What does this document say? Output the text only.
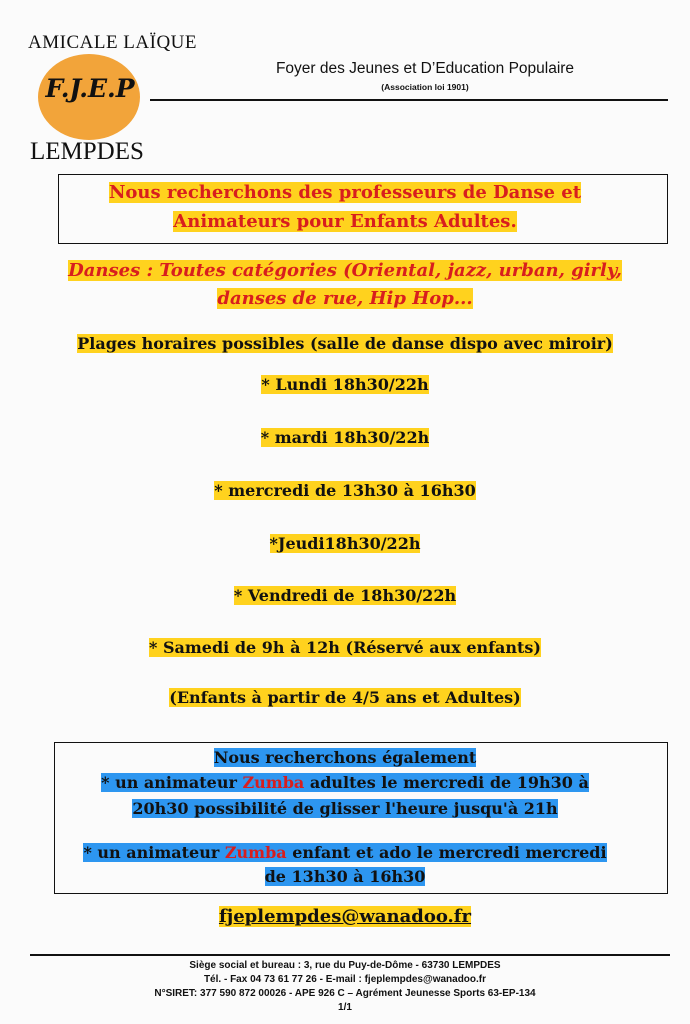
AMICALE LAÏQUE
F.J.E.P
LEMPDES
Foyer des Jeunes et D’Education Populaire
(Association loi 1901)
Nous recherchons des professeurs de Danse et
Animateurs pour Enfants Adultes.
Danses : Toutes catégories (Oriental, jazz, urban, girly,
danses de rue, Hip Hop...
Plages horaires possibles (salle de danse dispo avec miroir)
* Lundi 18h30/22h
* mardi 18h30/22h
* mercredi de 13h30 à 16h30
*Jeudi18h30/22h
* Vendredi de 18h30/22h
* Samedi de 9h à 12h (Réservé aux enfants)
(Enfants à partir de 4/5 ans et Adultes)
Nous recherchons également
* un animateur Zumba adultes le mercredi de 19h30 à
20h30 possibilité de glisser l'heure jusqu'à 21h
* un animateur Zumba enfant et ado le mercredi mercredi
de 13h30 à 16h30
fjeplempdes@wanadoo.fr
Siège social et bureau : 3, rue du Puy-de-Dôme - 63730 LEMPDES
Tél. - Fax 04 73 61 77 26 - E-mail : fjeplempdes@wanadoo.fr
N°SIRET: 377 590 872 00026 - APE 926 C – Agrément Jeunesse Sports 63-EP-134
1/1
